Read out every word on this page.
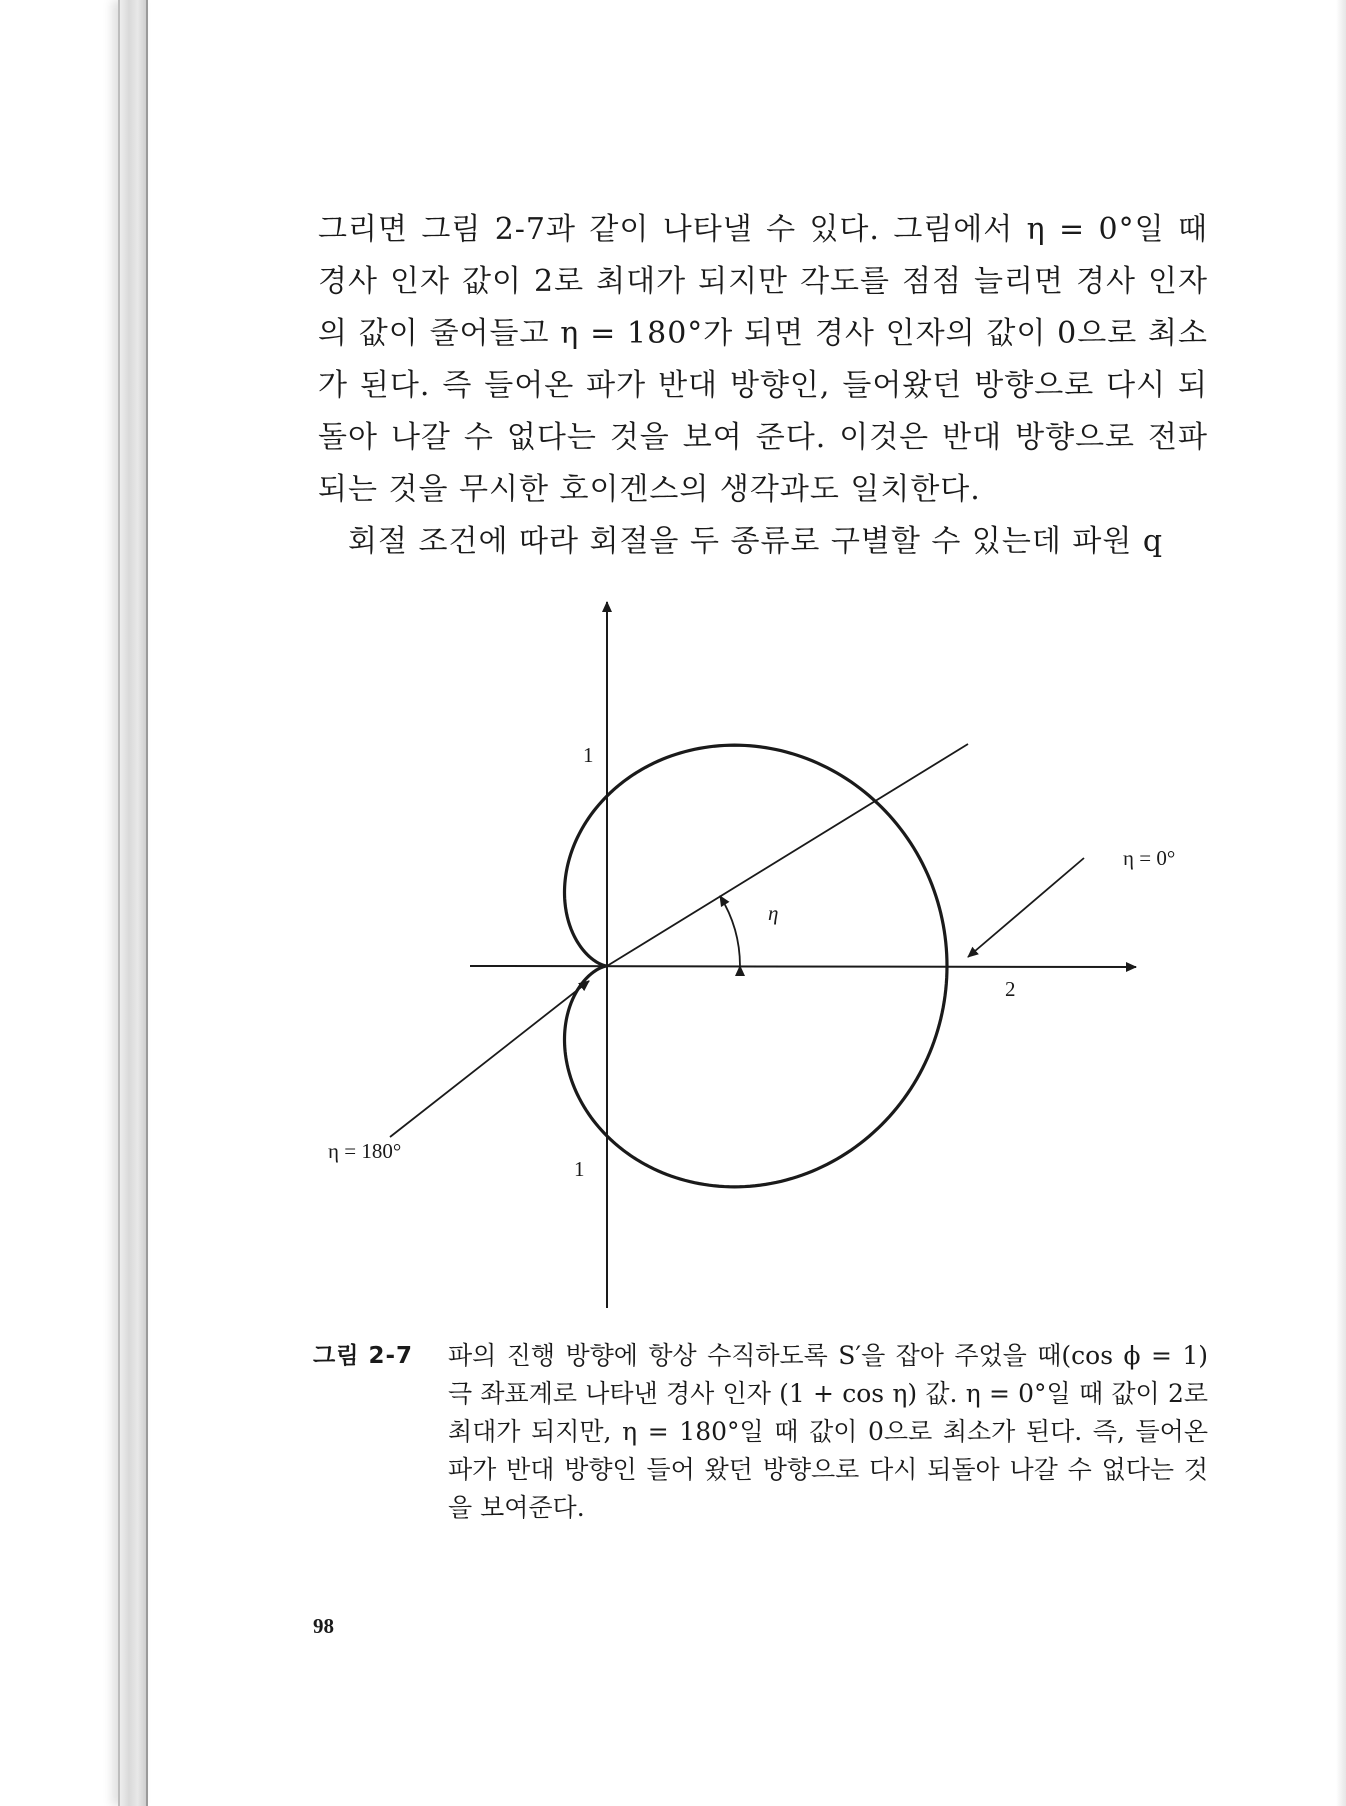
그리면 그림 2-7과 같이 나타낼 수 있다. 그림에서 η = 0°일 때 경사 인자 값이 2로 최대가 되지만 각도를 점점 늘리면 경사 인자의 값이 줄어들고 η = 180°가 되면 경사 인자의 값이 0으로 최소가 된다. 즉 들어온 파가 반대 방향인, 들어왔던 방향으로 다시 되돌아 나갈 수 없다는 것을 보여 준다. 이것은 반대 방향으로 전파되는 것을 무시한 호이겐스의 생각과도 일치한다.

회절 조건에 따라 회절을 두 종류로 구별할 수 있는데 파원 q

η
η = 0°
η = 180°
1
1
2
그림 2-7 파의 진행 방향에 항상 수직하도록 S′을 잡아 주었을 때(cos ϕ = 1) 극 좌표계로 나타낸 경사 인자 (1 + cos η) 값. η = 0°일 때 값이 2로 최대가 되지만, η = 180°일 때 값이 0으로 최소가 된다. 즉, 들어온 파가 반대 방향인 들어 왔던 방향으로 다시 되돌아 나갈 수 없다는 것을 보여준다.
98
